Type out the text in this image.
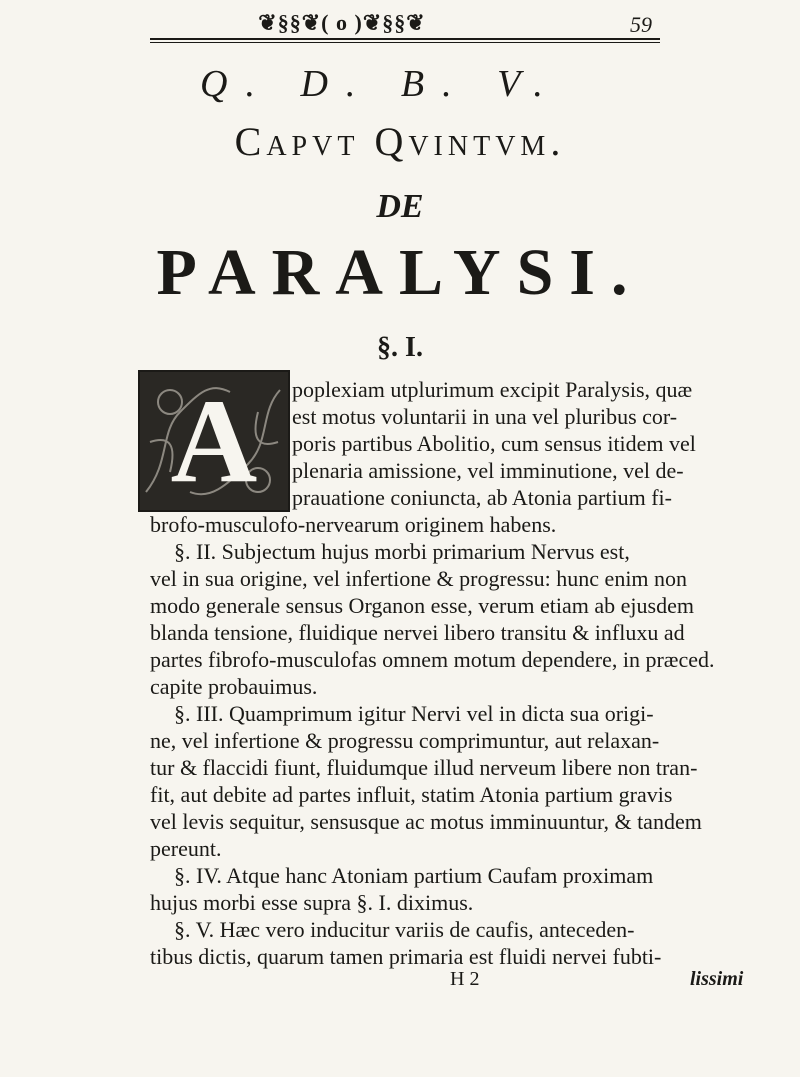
❦§§❦( o )❦§§❦	59
Q. D. B. V.
Capvt Qvintvm.
DE
PARALYSI.
§. I.
A	poplexiam utplurimum excipit Paralysis, quæ
est motus voluntarii in una vel pluribus cor-
poris partibus Abolitio, cum sensus itidem vel
plenaria amissione, vel imminutione, vel de-
prauatione coniuncta, ab Atonia partium fi-
brofo-musculofo-nervearum originem habens.
§. II. Subjectum hujus morbi primarium Nervus est,
vel in sua origine, vel infertione & progressu: hunc enim non
modo generale sensus Organon esse, verum etiam ab ejusdem
blanda tensione, fluidique nervei libero transitu & influxu ad
partes fibrofo-musculofas omnem motum dependere, in præced.
capite probauimus.
§. III. Quamprimum igitur Nervi vel in dicta sua origi-
ne, vel infertione & progressu comprimuntur, aut relaxan-
tur & flaccidi fiunt, fluidumque illud nerveum libere non tran-
fit, aut debite ad partes influit, statim Atonia partium gravis
vel levis sequitur, sensusque ac motus imminuuntur, & tandem
pereunt.
§. IV. Atque hanc Atoniam partium Caufam proximam
hujus morbi esse supra §. I. diximus.
§. V. Hæc vero inducitur variis de caufis, anteceden-
tibus dictis, quarum tamen primaria est fluidi nervei fubti-
H 2	lissimi
